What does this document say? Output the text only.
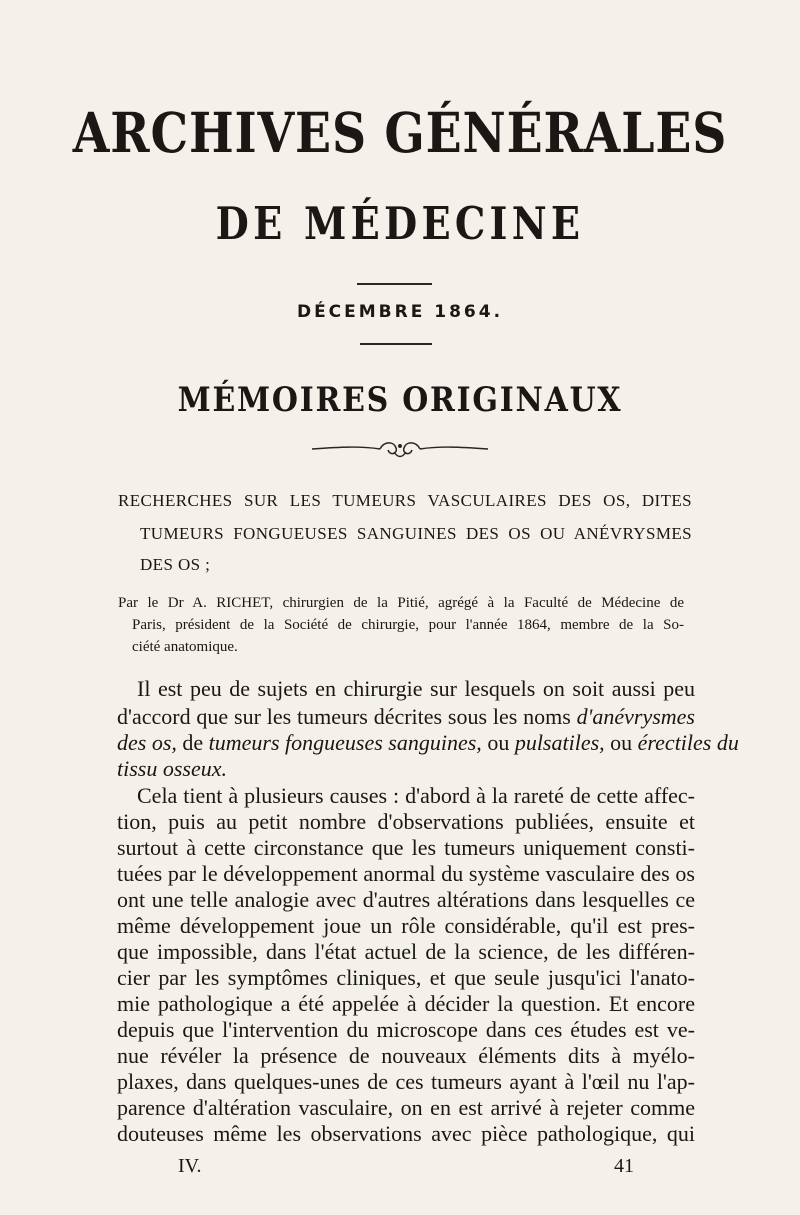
ARCHIVES GÉNÉRALES
DE MÉDECINE
DÉCEMBRE 1864.
MÉMOIRES ORIGINAUX
RECHERCHES SUR LES TUMEURS VASCULAIRES DES OS, DITES
TUMEURS FONGUEUSES SANGUINES DES OS OU ANÉVRYSMES
DES OS ;
Par le Dr A. RICHET, chirurgien de la Pitié, agrégé à la Faculté de Médecine de
Paris, président de la Société de chirurgie, pour l'année 1864, membre de la So-
ciété anatomique.
Il est peu de sujets en chirurgie sur lesquels on soit aussi peu
d'accord que sur les tumeurs décrites sous les noms d'anévrysmes
des os, de tumeurs fongueuses sanguines, ou pulsatiles, ou érectiles du
tissu osseux.
Cela tient à plusieurs causes : d'abord à la rareté de cette affec-
tion, puis au petit nombre d'observations publiées, ensuite et
surtout à cette circonstance que les tumeurs uniquement consti-
tuées par le développement anormal du système vasculaire des os
ont une telle analogie avec d'autres altérations dans lesquelles ce
même développement joue un rôle considérable, qu'il est pres-
que impossible, dans l'état actuel de la science, de les différen-
cier par les symptômes cliniques, et que seule jusqu'ici l'anato-
mie pathologique a été appelée à décider la question. Et encore
depuis que l'intervention du microscope dans ces études est ve-
nue révéler la présence de nouveaux éléments dits à myélo-
plaxes, dans quelques-unes de ces tumeurs ayant à l'œil nu l'ap-
parence d'altération vasculaire, on en est arrivé à rejeter comme
douteuses même les observations avec pièce pathologique, qui
IV.	41
